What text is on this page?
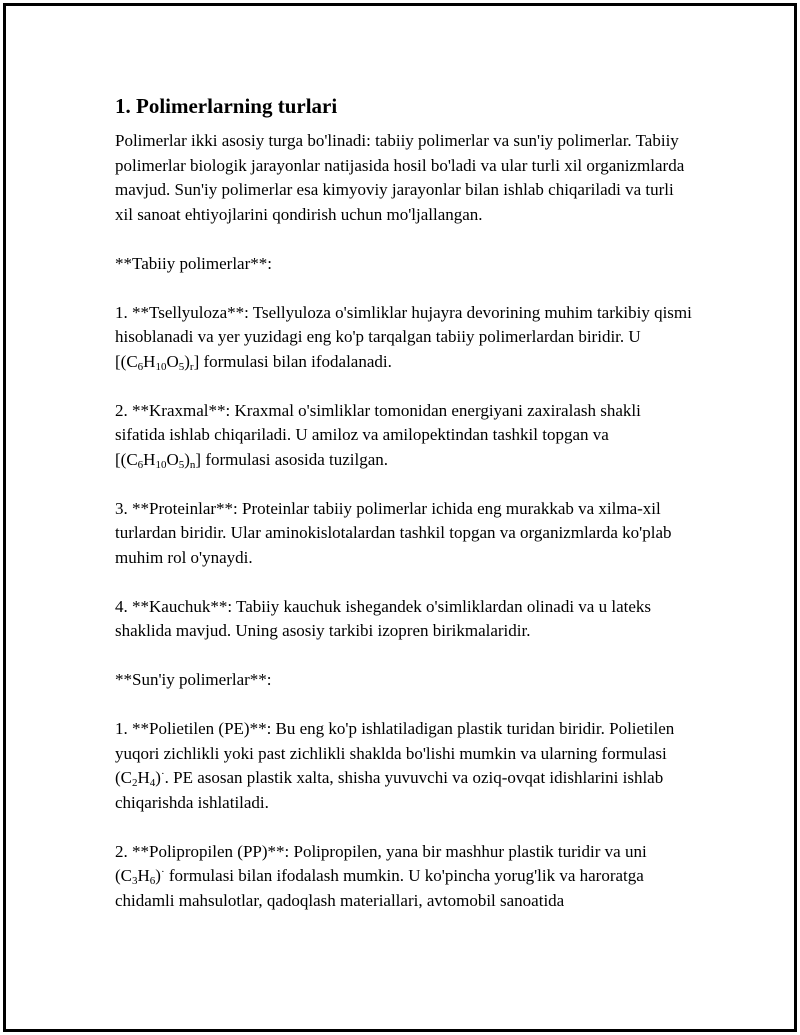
1. Polimerlarning turlari

Polimerlar ikki asosiy turga bo'linadi: tabiiy polimerlar va sun'iy polimerlar. Tabiiy polimerlar biologik jarayonlar natijasida hosil bo'ladi va ular turli xil organizmlarda mavjud. Sun'iy polimerlar esa kimyoviy jarayonlar bilan ishlab chiqariladi va turli xil sanoat ehtiyojlarini qondirish uchun mo'ljallangan.

**Tabiiy polimerlar**:

1. **Tsellyuloza**: Tsellyuloza o'simliklar hujayra devorining muhim tarkibiy qismi hisoblanadi va yer yuzidagi eng ko'p tarqalgan tabiiy polimerlardan biridir. U $[(C_6H_{10}O_5)_r]$ formulasi bilan ifodalanadi.

2. **Kraxmal**: Kraxmal o'simliklar tomonidan energiyani zaxiralash shakli sifatida ishlab chiqariladi. U amiloz va amilopektindan tashkil topgan va $[(C_6H_{10}O_5)_n]$ formulasi asosida tuzilgan.

3. **Proteinlar**: Proteinlar tabiiy polimerlar ichida eng murakkab va xilma-xil turlardan biridir. Ular aminokislotalardan tashkil topgan va organizmlarda ko'plab muhim rol o'ynaydi.

4. **Kauchuk**: Tabiiy kauchuk ishegandek o'simliklardan olinadi va u lateks shaklida mavjud. Uning asosiy tarkibi izopren birikmalaridir.

**Sun'iy polimerlar**:

1. **Polietilen (PE)**: Bu eng ko'p ishlatiladigan plastik turidan biridir. Polietilen yuqori zichlikli yoki past zichlikli shaklda bo'lishi mumkin va ularning formulasi $(C_2H_4)^\cdot$. PE asosan plastik xalta, shisha yuvuvchi va oziq-ovqat idishlarini ishlab chiqarishda ishlatiladi.

2. **Polipropilen (PP)**: Polipropilen, yana bir mashhur plastik turidir va uni $(C_3H_6)^\cdot$ formulasi bilan ifodalash mumkin. U ko'pincha yorug'lik va haroratga chidamli mahsulotlar, qadoqlash materiallari, avtomobil sanoatida
